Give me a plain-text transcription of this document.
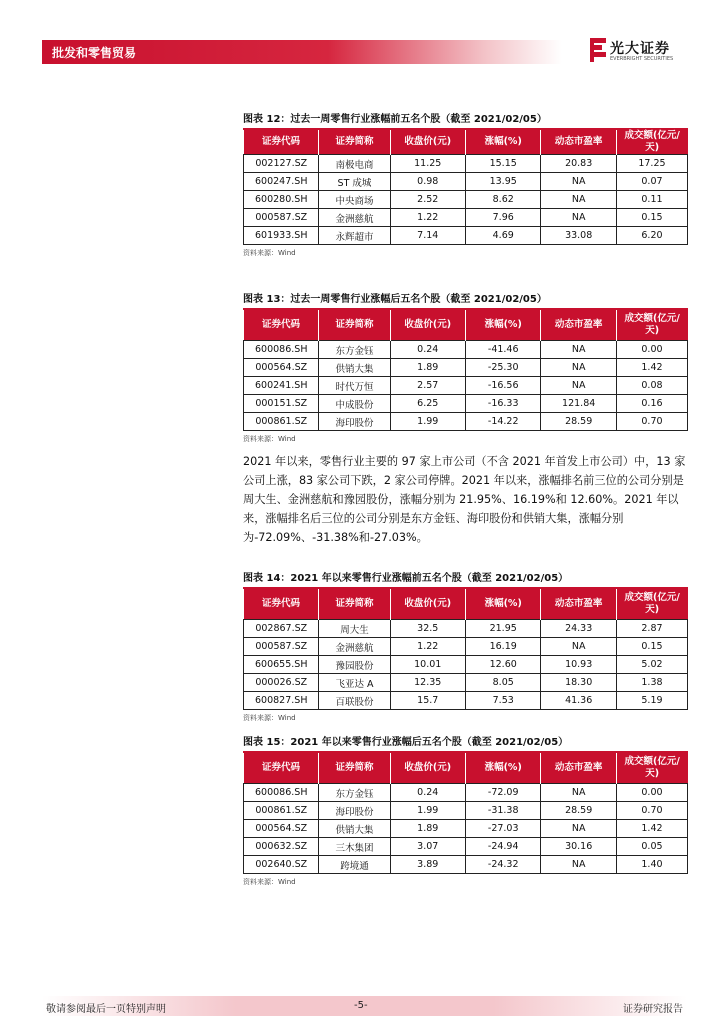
批发和零售贸易	光大证券
EVERBRIGHT SECURITIES
图表 12：过去一周零售行业涨幅前五名个股（截至 2021/02/05）
证券代码	证券简称	收盘价(元)	涨幅(%)	动态市盈率	成交额(亿元/天)
002127.SZ	南极电商	11.25	15.15	20.83	17.25
600247.SH	ST 成城	0.98	13.95	NA	0.07
600280.SH	中央商场	2.52	8.62	NA	0.11
000587.SZ	金洲慈航	1.22	7.96	NA	0.15
601933.SH	永辉超市	7.14	4.69	33.08	6.20
资料来源：Wind
图表 13：过去一周零售行业涨幅后五名个股（截至 2021/02/05）
证券代码	证券简称	收盘价(元)	涨幅(%)	动态市盈率	成交额(亿元/天)
600086.SH	东方金钰	0.24	-41.46	NA	0.00
000564.SZ	供销大集	1.89	-25.30	NA	1.42
600241.SH	时代万恒	2.57	-16.56	NA	0.08
000151.SZ	中成股份	6.25	-16.33	121.84	0.16
000861.SZ	海印股份	1.99	-14.22	28.59	0.70
资料来源：Wind

2021 年以来，零售行业主要的 97 家上市公司（不含 2021 年首发上市公司）中，13 家公司上涨，83 家公司下跌，2 家公司停牌。2021 年以来，涨幅排名前三位的公司分别是周大生、金洲慈航和豫园股份，涨幅分别为 21.95%、16.19%和 12.60%。2021 年以来，涨幅排名后三位的公司分别是东方金钰、海印股份和供销大集，涨幅分别为-72.09%、-31.38%和-27.03%。

图表 14：2021 年以来零售行业涨幅前五名个股（截至 2021/02/05）
证券代码	证券简称	收盘价(元)	涨幅(%)	动态市盈率	成交额(亿元/天)
002867.SZ	周大生	32.5	21.95	24.33	2.87
000587.SZ	金洲慈航	1.22	16.19	NA	0.15
600655.SH	豫园股份	10.01	12.60	10.93	5.02
000026.SZ	飞亚达 A	12.35	8.05	18.30	1.38
600827.SH	百联股份	15.7	7.53	41.36	5.19
资料来源：Wind
图表 15：2021 年以来零售行业涨幅后五名个股（截至 2021/02/05）
证券代码	证券简称	收盘价(元)	涨幅(%)	动态市盈率	成交额(亿元/天)
600086.SH	东方金钰	0.24	-72.09	NA	0.00
000861.SZ	海印股份	1.99	-31.38	28.59	0.70
000564.SZ	供销大集	1.89	-27.03	NA	1.42
000632.SZ	三木集团	3.07	-24.94	30.16	0.05
002640.SZ	跨境通	3.89	-24.32	NA	1.40
资料来源：Wind
敬请参阅最后一页特别声明	-5-	证券研究报告
